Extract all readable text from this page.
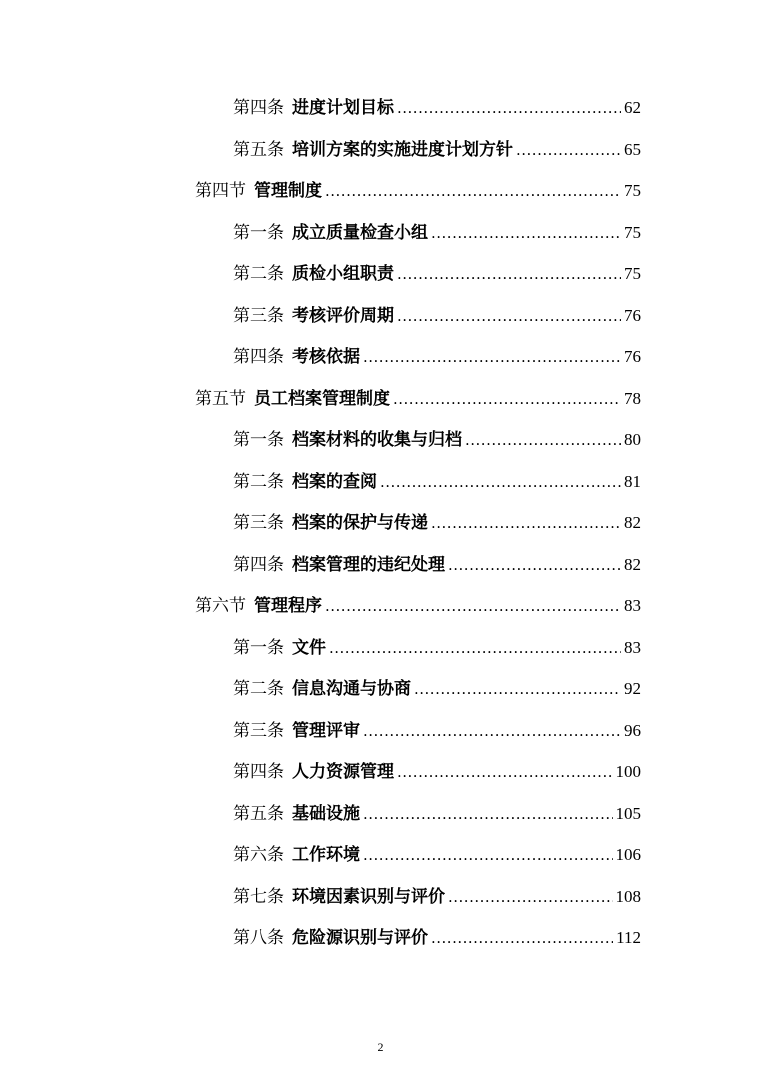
第四条 进度计划目标 .....	62
第五条 培训方案的实施进度计划方针 .....	65
第四节 管理制度 .....	75
第一条 成立质量检查小组 .....	75
第二条 质检小组职责 .....	75
第三条 考核评价周期 .....	76
第四条 考核依据 .....	76
第五节 员工档案管理制度 .....	78
第一条 档案材料的收集与归档 .....	80
第二条 档案的查阅 .....	81
第三条 档案的保护与传递 .....	82
第四条 档案管理的违纪处理 .....	82
第六节 管理程序 .....	83
第一条 文件 .....	83
第二条 信息沟通与协商 .....	92
第三条 管理评审 .....	96
第四条 人力资源管理 .....	100
第五条 基础设施 .....	105
第六条 工作环境 .....	106
第七条 环境因素识别与评价 .....	108
第八条 危险源识别与评价 .....	112
2
